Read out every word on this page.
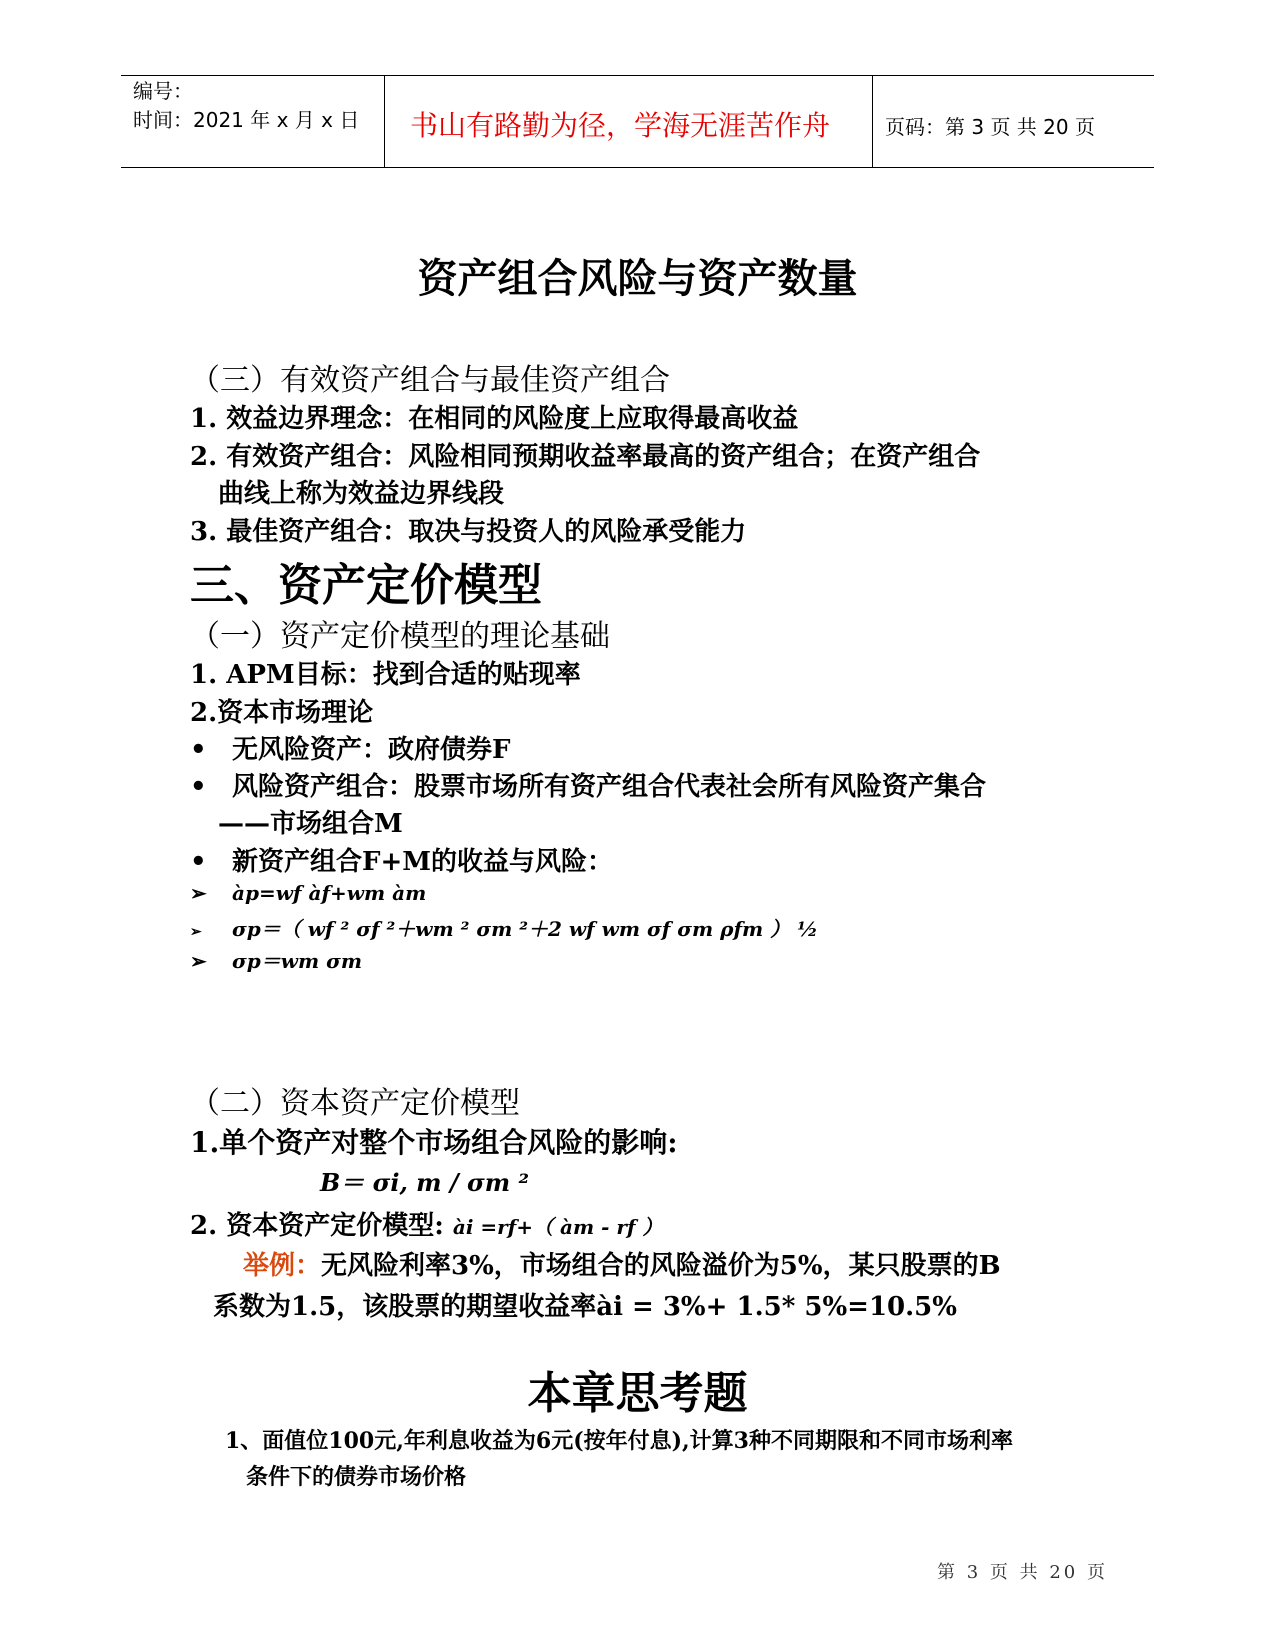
编号：
时间：2021 年 x 月 x 日 书山有路勤为径，学海无涯苦作舟	页码：第 3 页 共 20 页
资产组合风险与资产数量
（三）有效资产组合与最佳资产组合
1. 效益边界理念：在相同的风险度上应取得最高收益
2. 有效资产组合：风险相同预期收益率最高的资产组合；在资产组合
曲线上称为效益边界线段
3. 最佳资产组合：取决与投资人的风险承受能力
三、资产定价模型
（一）资产定价模型的理论基础
1. APM目标：找到合适的贴现率
2.资本市场理论
• 无风险资产：政府债券F
• 风险资产组合：股票市场所有资产组合代表社会所有风险资产集合
——市场组合M
• 新资产组合F+M的收益与风险：
➢ àp=wf àf+wm àm
➢ σp＝（ wf ² σf ²＋wm ² σm ²＋2 wf wm σf σm ρfm ） ½
➢ σp＝wm σm
（二）资本资产定价模型
1.单个资产对整个市场组合风险的影响:
B＝ σi, m / σm ²
2. 资本资产定价模型: ài =rf+（ àm - rf ）
举例：无风险利率3%，市场组合的风险溢价为5%，某只股票的B
系数为1.5，该股票的期望收益率ài = 3%+ 1.5* 5%=10.5%
本章思考题
1、面值位100元,年利息收益为6元(按年付息),计算3种不同期限和不同市场利率
条件下的债券市场价格
第 3 页 共 20 页
